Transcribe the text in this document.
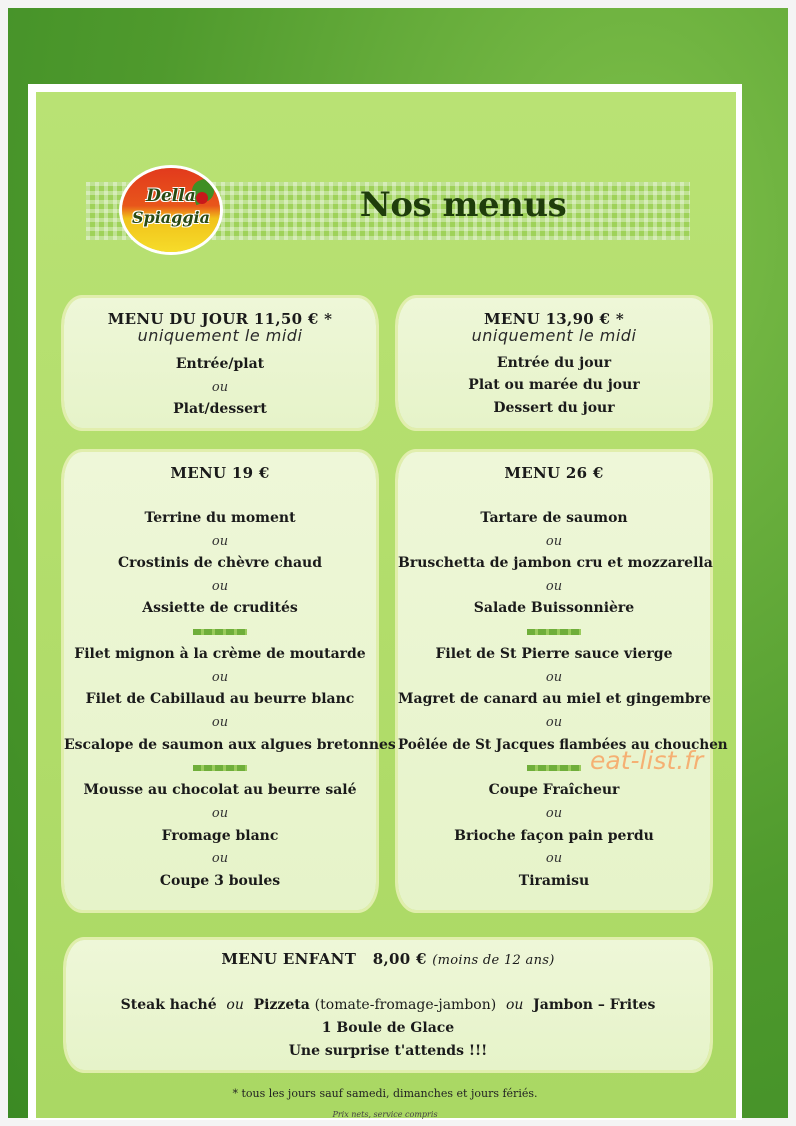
Della
Spiaggia	Nos menus
MENU DU JOUR 11,50 € *
uniquement le midi
Entrée/plat
ou
Plat/dessert
MENU 13,90 € *
uniquement le midi
Entrée du jour
Plat ou marée du jour
Dessert du jour
MENU 19 €
Terrine du moment
ou
Crostinis de chèvre chaud
ou
Assiette de crudités
Filet mignon à la crème de moutarde
ou
Filet de Cabillaud au beurre blanc
ou
Escalope de saumon aux algues bretonnes
Mousse au chocolat au beurre salé
ou
Fromage blanc
ou
Coupe 3 boules
MENU 26 €
Tartare de saumon
ou
Bruschetta de jambon cru et mozzarella
ou
Salade Buissonnière
Filet de St Pierre sauce vierge
ou
Magret de canard au miel et gingembre
ou
Poêlée de St Jacques flambées au chouchen
Coupe Fraîcheur
ou
Brioche façon pain perdu
ou
Tiramisu
MENU ENFANT 8,00 € (moins de 12 ans)
Steak haché ou Pizzeta (tomate-fromage-jambon) ou Jambon – Frites
1 Boule de Glace
Une surprise t'attends !!!
* tous les jours sauf samedi, dimanches et jours fériés.
Prix nets, service compris
eat-list.fr
